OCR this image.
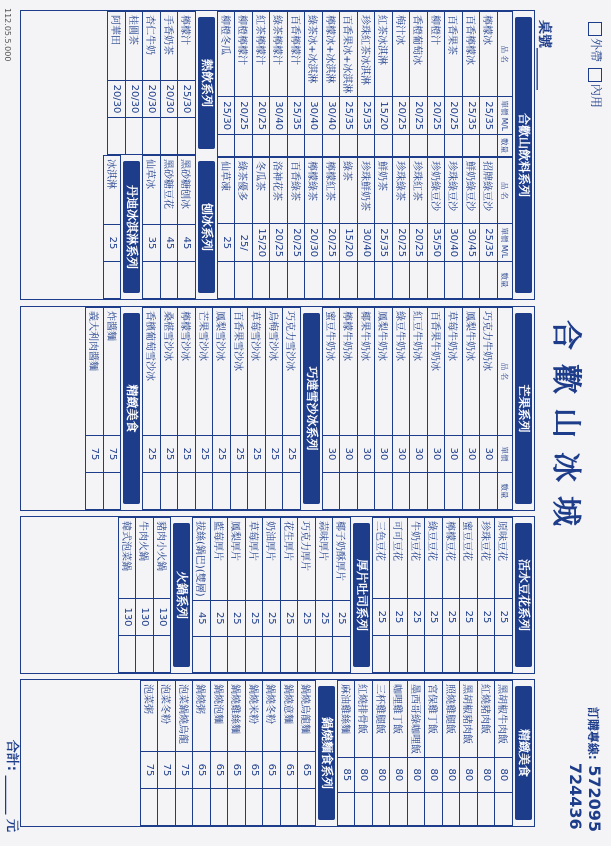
外帶 內用
桌號______
合歡山冰城
訂購專線: 572095
724436
合歡山飲料系列
品 名	單價 M/L	數量
檸檬冰	25/35	
百香檸檬冰	25/35	
百香果茶	20/25	
柳橙汁	20/25	
香橙葡萄冰	20/25	
梅汁冰	20/25	
紅茶冰淇淋	15/20	
珍珠紅茶冰淇淋	25/35	
百香果冰+冰淇淋	25/35	
檸檬冰+冰淇淋	30/40	
綠茶冰+冰淇淋	30/40	
百香檸檬汁	25/35	
綠茶檸檬汁	30/40	
紅茶檸檬汁	20/25	
柳橙檸檬汁	20/25	
柳橙冬瓜	25/30	
品 名	單價 M/L	數量
招牌綠豆沙	25/35	
鮮奶綠豆沙	30/45	
珍珠綠豆沙	30/40	
珍奶綠豆沙	35/50	
珍珠紅茶	20/25	
珍珠綠茶	20/25	
鮮奶茶	25/35	
珍珠鮮奶茶	30/40	
綠茶	15/20	
檸檬紅茶	20/25	
檸檬綠茶	20/30	
百香綠茶	20/25	
洛神花茶	20/25	
冬瓜茶	15/20	
綠茶優多	25/	
仙草凍	25	
熱飲系列
檸檬汁	25/30	
手香奶茶	20/30	
杏仁牛奶	20/30	
桂圓茶	20/30	
阿華田	20/30	
刨冰系列
黑砂糖刨冰	45	
黑砂糖豆花	45	
仙草冰	35	
丹迪冰淇淋系列
冰淇淋	25	
芒果系列
品 名	單價	數量
巧克力牛奶冰	30	
鳳梨牛奶冰	30	
草莓牛奶冰	30	
百香果牛奶冰	30	
紅豆牛奶冰	30	
綠豆牛奶冰	30	
鳳梨牛奶冰	30	
椰果牛奶冰	30	
檸檬牛奶冰	30	
蜜豆牛奶冰	30	
巧達雪沙冰系列
巧克力雪沙冰	25	
烏梅雪沙冰	25	
草莓雪沙冰	25	
百香果雪沙冰	25	
鳳梨雪沙冰	25	
芒果雪沙冰	25	
檸檬雪沙冰	25	
桑椹雪沙冰	25	
香檳葡萄雪沙冰	25	
精緻美食
炸醬麵	75	
義大利肉醬麵	75	
活水豆花系列
原味豆花	25	
珍珠豆花	25	
蜜豆豆花	25	
檸檬豆花	25	
綠豆豆花	25	
牛奶豆花	25	
可可豆花	25	
三色豆花	25	
厚片吐司系列
椰子奶酥厚片	25	
蒜味厚片	25	
巧克力厚片	25	
花生厚片	25	
奶油厚片	25	
草莓厚片	25	
鳳梨厚片	25	
藍莓厚片	25	
拔絲(鍋巴)(雙層)	45	
火鍋系列
豬肉小火鍋	130	
牛肉火鍋	130	
韓式泡菜鍋	130	
精緻美食
黑胡椒牛肉飯	80	
紅燒豬肉飯	80	
黑胡椒豬肉飯	80	
照燒雞腿飯	80	
宮保雞丁飯	80	
墨西哥綠咖哩飯	80	
咖哩雞丁飯	80	
三杯雞腿飯	80	
紅燒排骨飯	80	
麻油雞絲麵	85	
鍋燒麵食系列
鍋燒烏龍麵	65	
鍋燒意麵	65	
鍋燒冬粉	65	
鍋燒米粉	65	
鍋燒雞絲麵	65	
鍋燒泡麵	65	
鍋燒粥	65	
泡菜鍋燒烏龍	75	
泡菜冬粉	75	
泡菜粥	75	
112.05.5.000
合計: ______ 元
